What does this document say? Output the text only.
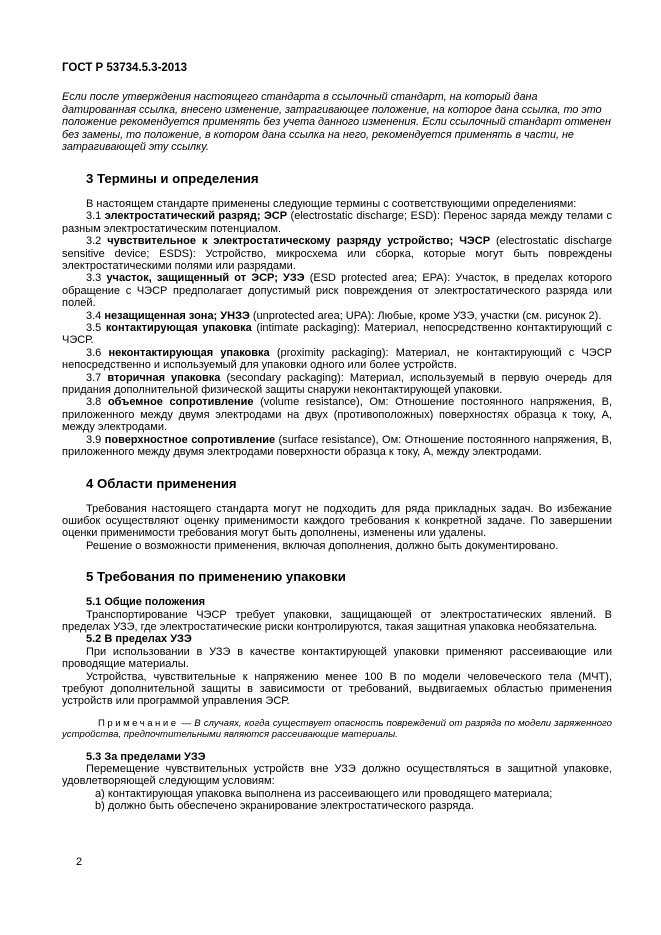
ГОСТ Р 53734.5.3-2013

Если после утверждения настоящего стандарта в ссылочный стандарт, на который дана датированная ссылка, внесено изменение, затрагивающее положение, на которое дана ссылка, то это положение рекомендуется применять без учета данного изменения. Если ссылочный стандарт отменен без замены, то положение, в котором дана ссылка на него, рекомендуется применять в части, не затрагивающей эту ссылку.

3 Термины и определения

В настоящем стандарте применены следующие термины с соответствующими определениями:

3.1 электростатический разряд; ЭСР (electrostatic discharge; ESD): Перенос заряда между телами с разным электростатическим потенциалом.

3.2 чувствительное к электростатическому разряду устройство; ЧЭСР (electrostatic discharge sensitive device; ESDS): Устройство, микросхема или сборка, которые могут быть повреждены электростатическими полями или разрядами.

3.3 участок, защищенный от ЭСР; УЗЭ (ESD protected area; EPA): Участок, в пределах которого обращение с ЧЭСР предполагает допустимый риск повреждения от электростатического разряда или полей.

3.4 незащищенная зона; УНЗЭ (unprotected area; UPA): Любые, кроме УЗЭ, участки (см. рисунок 2).

3.5 контактирующая упаковка (intimate packaging): Материал, непосредственно контактирующий с ЧЭСР.

3.6 неконтактирующая упаковка (proximity packaging): Материал, не контактирующий с ЧЭСР непосредственно и используемый для упаковки одного или более устройств.

3.7 вторичная упаковка (secondary packaging): Материал, используемый в первую очередь для придания дополнительной физической защиты снаружи неконтактирующей упаковки.

3.8 объемное сопротивление (volume resistance), Ом: Отношение постоянного напряжения, В, приложенного между двумя электродами на двух (противоположных) поверхностях образца к току, А, между электродами.

3.9 поверхностное сопротивление (surface resistance), Ом: Отношение постоянного напряжения, В, приложенного между двумя электродами поверхности образца к току, А, между электродами.

4 Области применения

Требования настоящего стандарта могут не подходить для ряда прикладных задач. Во избежание ошибок осуществляют оценку применимости каждого требования к конкретной задаче. По завершении оценки применимости требования могут быть дополнены, изменены или удалены.

Решение о возможности применения, включая дополнения, должно быть документировано.

5 Требования по применению упаковки

5.1 Общие положения

Транспортирование ЧЭСР требует упаковки, защищающей от электростатических явлений. В пределах УЗЭ, где электростатические риски контролируются, такая защитная упаковка необязательна.

5.2 В пределах УЗЭ

При использовании в УЗЭ в качестве контактирующей упаковки применяют рассеивающие или проводящие материалы.

Устройства, чувствительные к напряжению менее 100 В по модели человеческого тела (МЧТ), требуют дополнительной защиты в зависимости от требований, выдвигаемых областью применения устройств или программой управления ЭСР.

Примечание — В случаях, когда существует опасность повреждений от разряда по модели заряженного устройства, предпочтительными являются рассеивающие материалы.

5.3 За пределами УЗЭ

Перемещение чувствительных устройств вне УЗЭ должно осуществляться в защитной упаковке, удовлетворяющей следующим условиям:

a) контактирующая упаковка выполнена из рассеивающего или проводящего материала;

b) должно быть обеспечено экранирование электростатического разряда.

2
